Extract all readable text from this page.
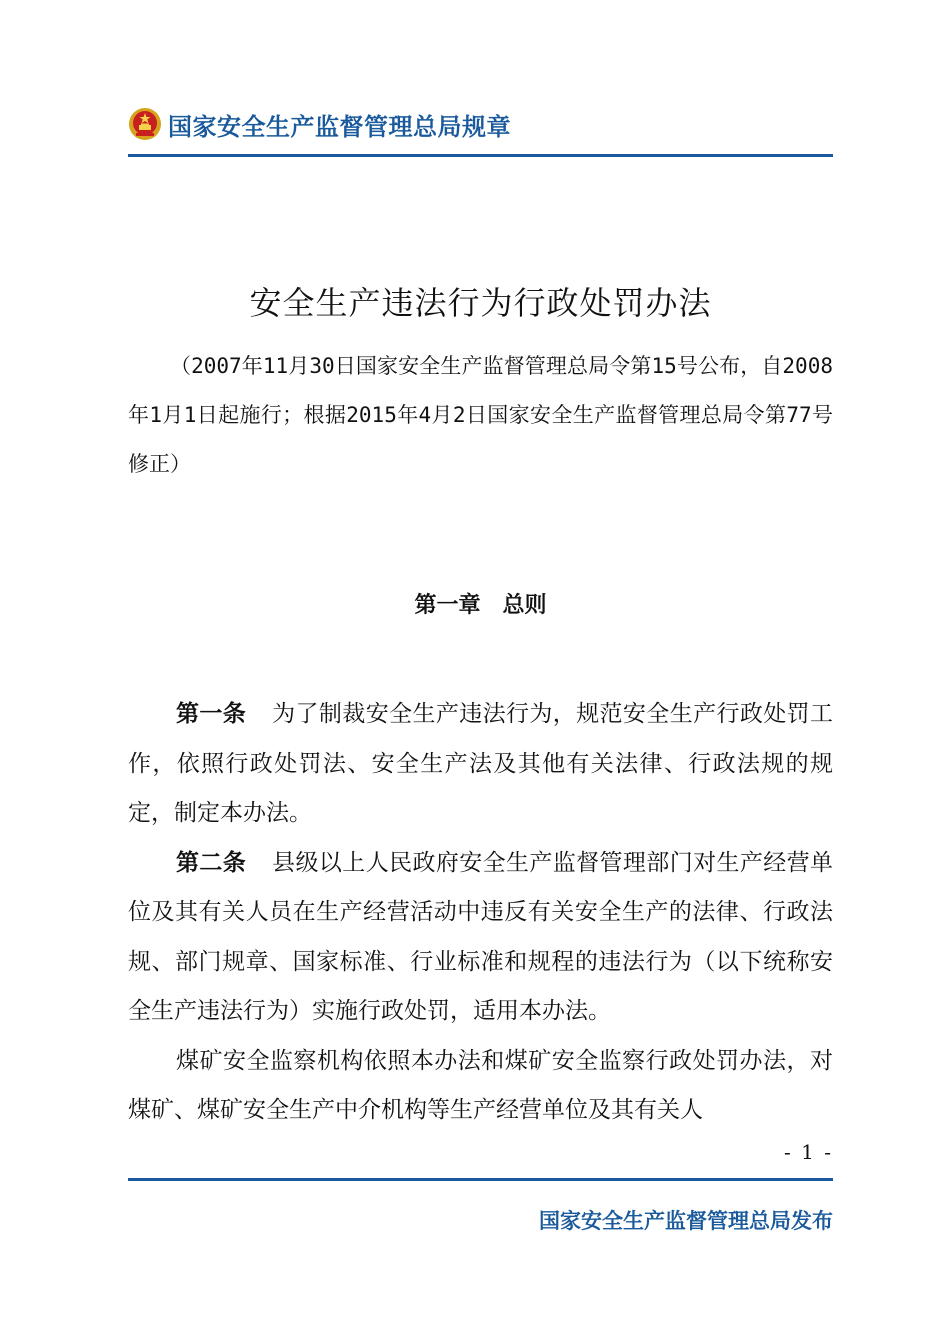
国家安全生产监督管理总局规章
安全生产违法行为行政处罚办法
（2007年11月30日国家安全生产监督管理总局令第15号公布，自2008年1月1日起施行；根据2015年4月2日国家安全生产监督管理总局令第77号修正）
第一章　总则

第一条 为了制裁安全生产违法行为，规范安全生产行政处罚工作，依照行政处罚法、安全生产法及其他有关法律、行政法规的规定，制定本办法。

第二条 县级以上人民政府安全生产监督管理部门对生产经营单位及其有关人员在生产经营活动中违反有关安全生产的法律、行政法规、部门规章、国家标准、行业标准和规程的违法行为（以下统称安全生产违法行为）实施行政处罚，适用本办法。

煤矿安全监察机构依照本办法和煤矿安全监察行政处罚办法，对煤矿、煤矿安全生产中介机构等生产经营单位及其有关人

- 1 -
国家安全生产监督管理总局发布
